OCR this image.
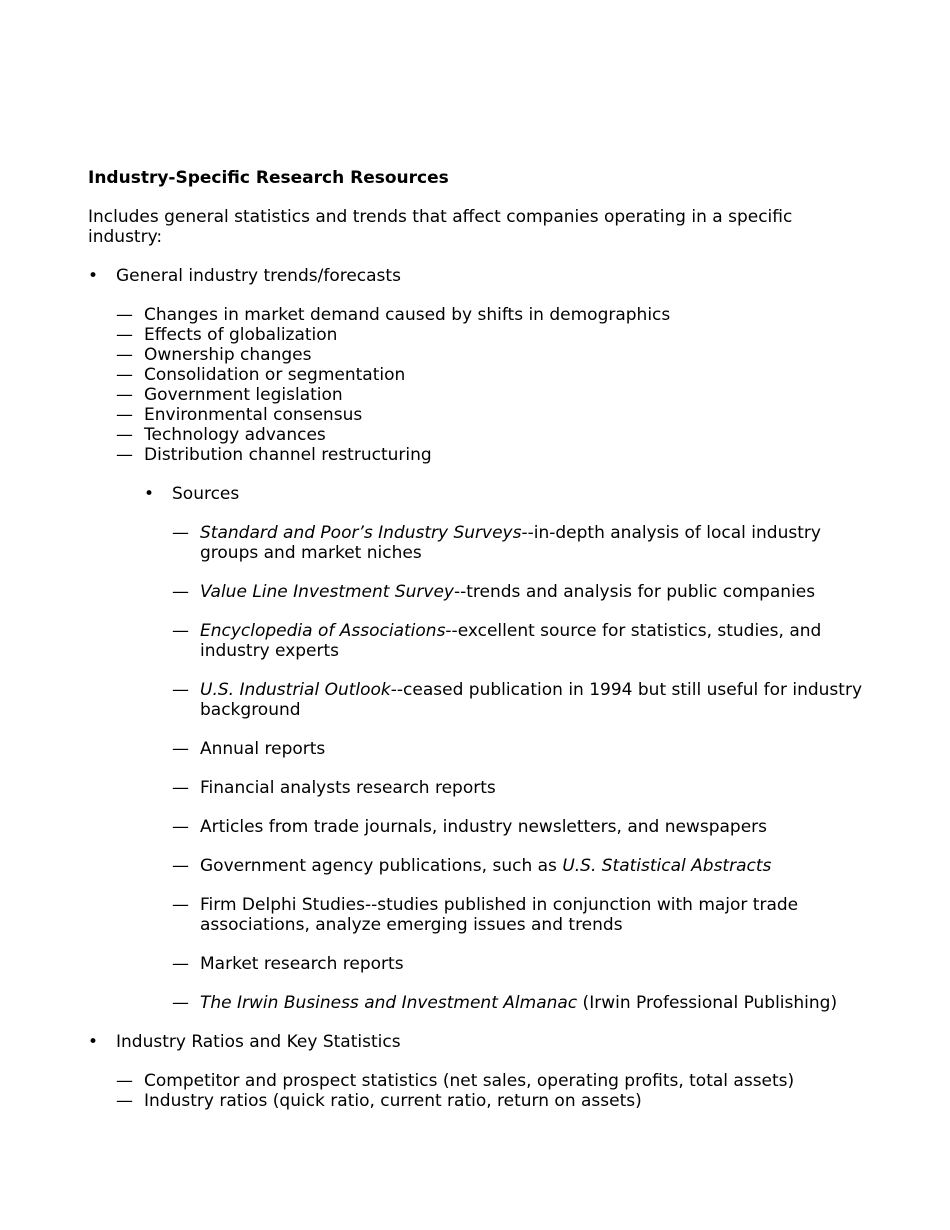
Industry-Specific Research Resources

Includes general statistics and trends that affect companies operating in a specific industry:

• General industry trends/forecasts
— Changes in market demand caused by shifts in demographics
— Effects of globalization
— Ownership changes
— Consolidation or segmentation
— Government legislation
— Environmental consensus
— Technology advances
— Distribution channel restructuring
• Sources
— Standard and Poor’s Industry Surveys--in-depth analysis of local industry groups and market niches
— Value Line Investment Survey--trends and analysis for public companies
— Encyclopedia of Associations--excellent source for statistics, studies, and industry experts
— U.S. Industrial Outlook--ceased publication in 1994 but still useful for industry background
— Annual reports
— Financial analysts research reports
— Articles from trade journals, industry newsletters, and newspapers
— Government agency publications, such as U.S. Statistical Abstracts
— Firm Delphi Studies--studies published in conjunction with major trade associations, analyze emerging issues and trends
— Market research reports
— The Irwin Business and Investment Almanac (Irwin Professional Publishing)
• Industry Ratios and Key Statistics
— Competitor and prospect statistics (net sales, operating profits, total assets)
— Industry ratios (quick ratio, current ratio, return on assets)
